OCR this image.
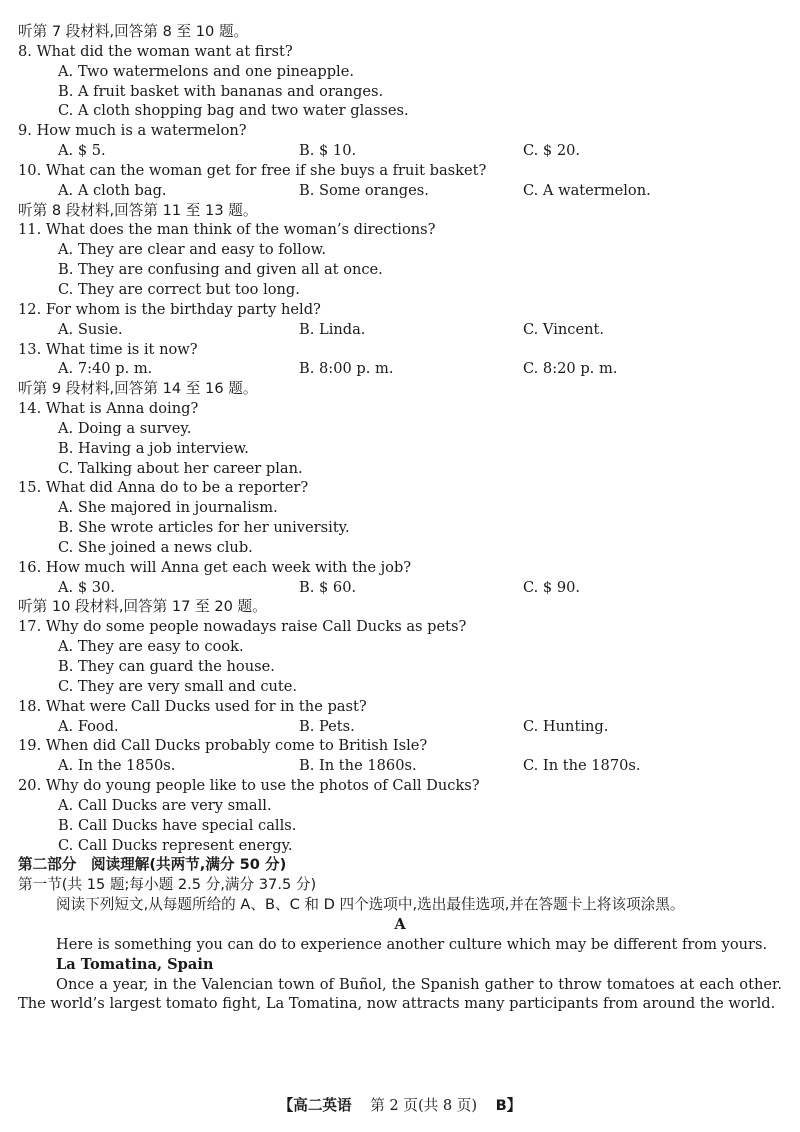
听第 7 段材料,回答第 8 至 10 题。
8. What did the woman want at first?
A. Two watermelons and one pineapple.
B. A fruit basket with bananas and oranges.
C. A cloth shopping bag and two water glasses.
9. How much is a watermelon?
A. $ 5.	B. $ 10.	C. $ 20.
10. What can the woman get for free if she buys a fruit basket?
A. A cloth bag.	B. Some oranges.	C. A watermelon.
听第 8 段材料,回答第 11 至 13 题。
11. What does the man think of the woman’s directions?
A. They are clear and easy to follow.
B. They are confusing and given all at once.
C. They are correct but too long.
12. For whom is the birthday party held?
A. Susie.	B. Linda.	C. Vincent.
13. What time is it now?
A. 7:40 p. m.	B. 8:00 p. m.	C. 8:20 p. m.
听第 9 段材料,回答第 14 至 16 题。
14. What is Anna doing?
A. Doing a survey.
B. Having a job interview.
C. Talking about her career plan.
15. What did Anna do to be a reporter?
A. She majored in journalism.
B. She wrote articles for her university.
C. She joined a news club.
16. How much will Anna get each week with the job?
A. $ 30.	B. $ 60.	C. $ 90.
听第 10 段材料,回答第 17 至 20 题。
17. Why do some people nowadays raise Call Ducks as pets?
A. They are easy to cook.
B. They can guard the house.
C. They are very small and cute.
18. What were Call Ducks used for in the past?
A. Food.	B. Pets.	C. Hunting.
19. When did Call Ducks probably come to British Isle?
A. In the 1850s.	B. In the 1860s.	C. In the 1870s.
20. Why do young people like to use the photos of Call Ducks?
A. Call Ducks are very small.
B. Call Ducks have special calls.
C. Call Ducks represent energy.
第二部分　阅读理解(共两节,满分 50 分)
第一节(共 15 题;每小题 2.5 分,满分 37.5 分)
阅读下列短文,从每题所给的 A、B、C 和 D 四个选项中,选出最佳选项,并在答题卡上将该项涂黑。
A
Here is something you can do to experience another culture which may be different from yours.
La Tomatina, Spain
Once a year, in the Valencian town of Buñol, the Spanish gather to throw tomatoes at each other. The world’s largest tomato fight, La Tomatina, now attracts many participants from around the world.
【高二英语 第 2 页(共 8 页) B】
